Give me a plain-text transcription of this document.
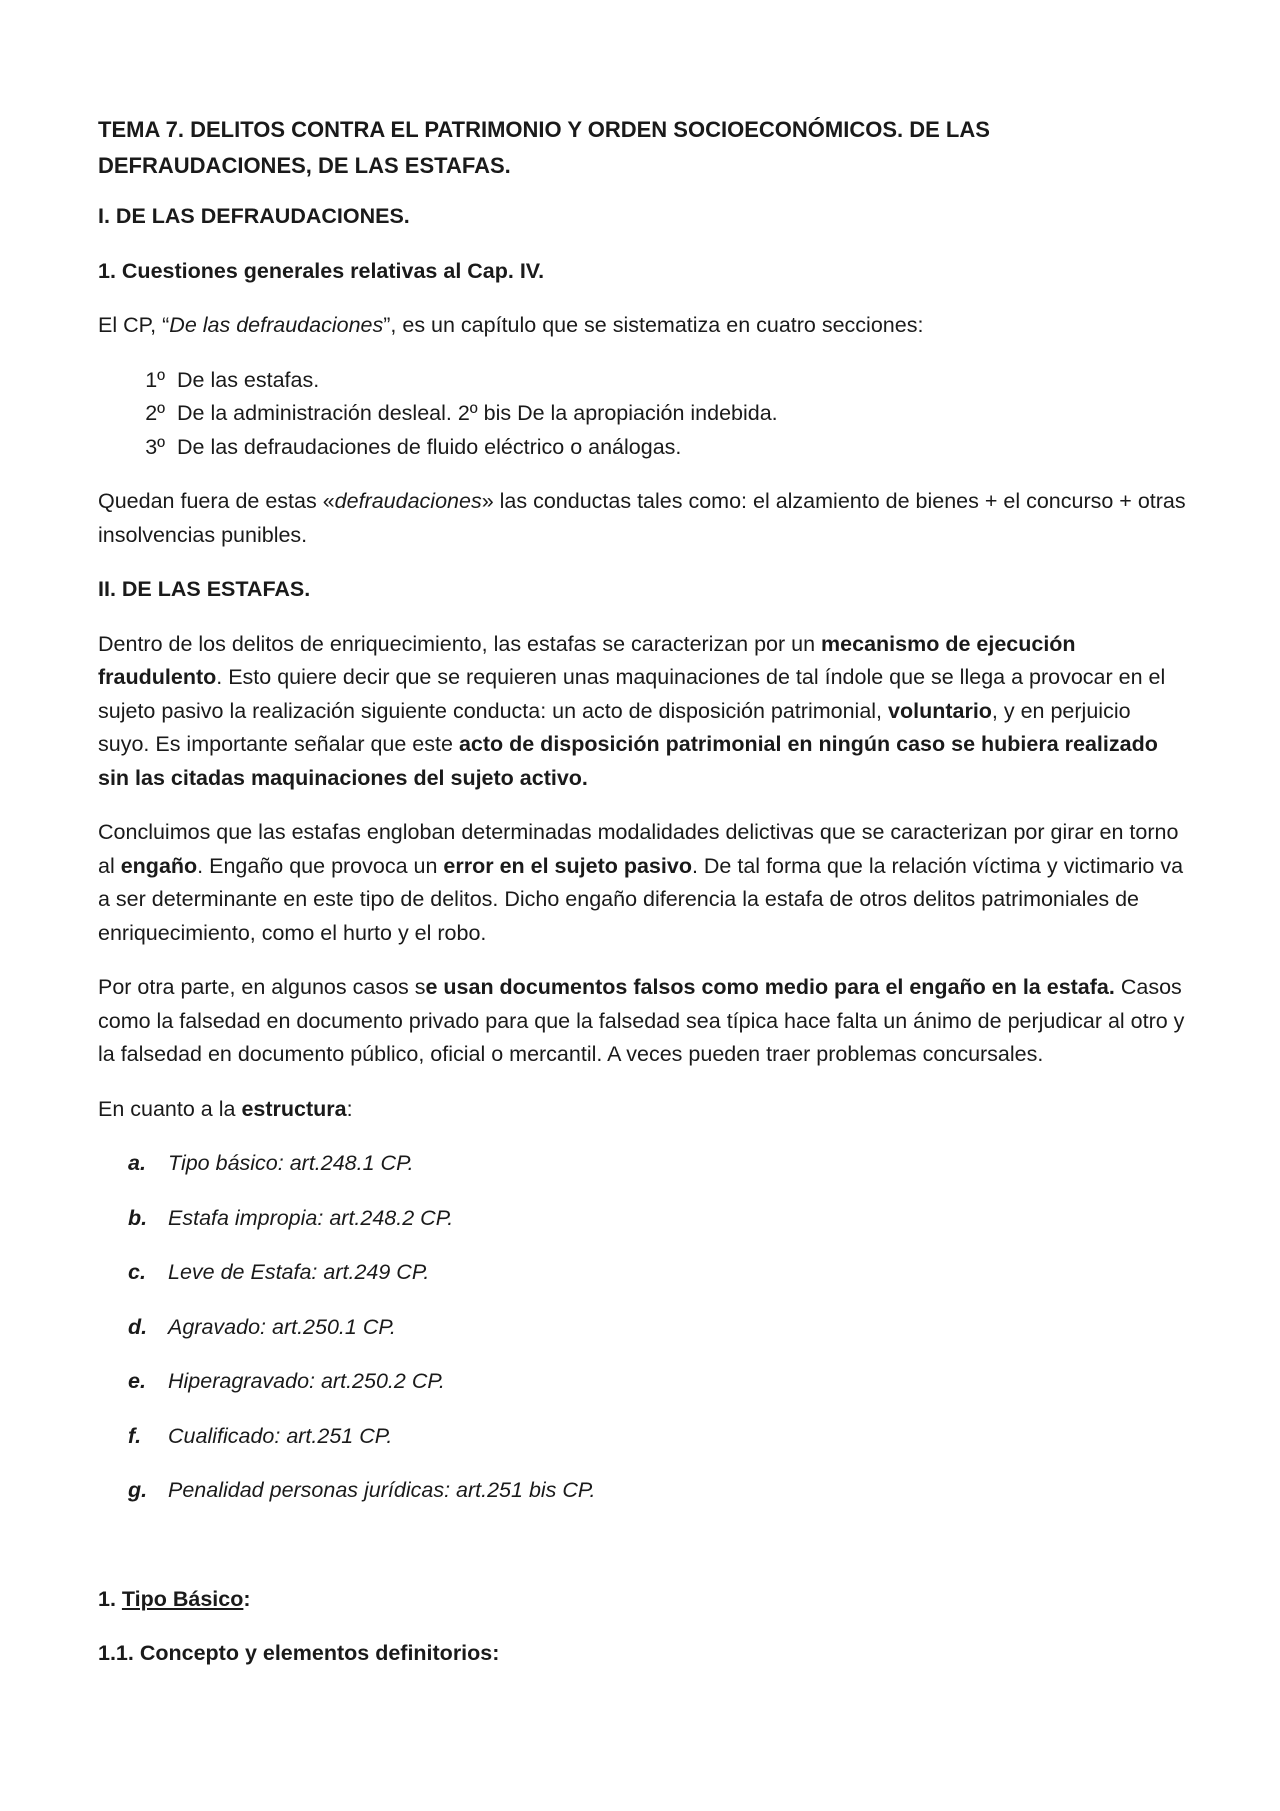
TEMA 7. DELITOS CONTRA EL PATRIMONIO Y ORDEN SOCIOECONÓMICOS. DE LAS DEFRAUDACIONES, DE LAS ESTAFAS.
I. DE LAS DEFRAUDACIONES.
1. Cuestiones generales relativas al Cap. IV.

El CP, “De las defraudaciones”, es un capítulo que se sistematiza en cuatro secciones:

1º De las estafas.
2º De la administración desleal. 2º bis De la apropiación indebida.
3º De las defraudaciones de fluido eléctrico o análogas.

Quedan fuera de estas «defraudaciones» las conductas tales como: el alzamiento de bienes + el concurso + otras insolvencias punibles.

II. DE LAS ESTAFAS.

Dentro de los delitos de enriquecimiento, las estafas se caracterizan por un mecanismo de ejecución fraudulento. Esto quiere decir que se requieren unas maquinaciones de tal índole que se llega a provocar en el sujeto pasivo la realización siguiente conducta: un acto de disposición patrimonial, voluntario, y en perjuicio suyo. Es importante señalar que este acto de disposición patrimonial en ningún caso se hubiera realizado sin las citadas maquinaciones del sujeto activo.

Concluimos que las estafas engloban determinadas modalidades delictivas que se caracterizan por girar en torno al engaño. Engaño que provoca un error en el sujeto pasivo. De tal forma que la relación víctima y victimario va a ser determinante en este tipo de delitos. Dicho engaño diferencia la estafa de otros delitos patrimoniales de enriquecimiento, como el hurto y el robo.

Por otra parte, en algunos casos se usan documentos falsos como medio para el engaño en la estafa. Casos como la falsedad en documento privado para que la falsedad sea típica hace falta un ánimo de perjudicar al otro y la falsedad en documento público, oficial o mercantil. A veces pueden traer problemas concursales.

En cuanto a la estructura:

a.	Tipo básico: art.248.1 CP.
b. Estafa impropia: art.248.2 CP.
c.	Leve de Estafa: art.249 CP.
d. Agravado: art.250.1 CP.
e.	Hiperagravado: art.250.2 CP.
f.	Cualificado: art.251 CP.
g. Penalidad personas jurídicas: art.251 bis CP.
1. Tipo Básico:
1.1. Concepto y elementos definitorios:
